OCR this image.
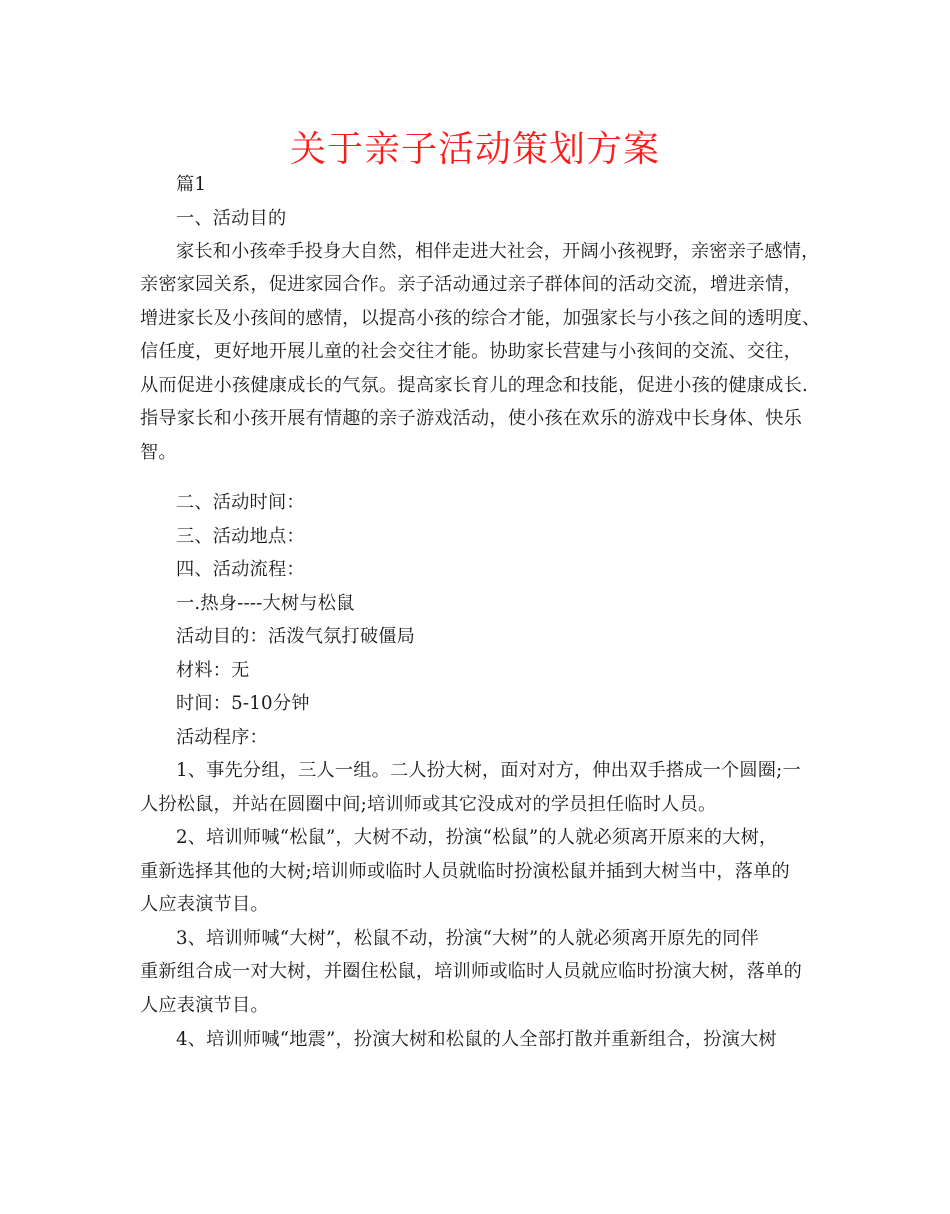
关于亲子活动策划方案
篇1
一、活动目的
家长和小孩牵手投身大自然，相伴走进大社会，开阔小孩视野，亲密亲子感情，
亲密家园关系，促进家园合作。亲子活动通过亲子群体间的活动交流，增进亲情，
增进家长及小孩间的感情，以提高小孩的综合才能，加强家长与小孩之间的透明度、
信任度，更好地开展儿童的社会交往才能。协助家长营建与小孩间的交流、交往，
从而促进小孩健康成长的气氛。提高家长育儿的理念和技能，促进小孩的健康成长.
指导家长和小孩开展有情趣的亲子游戏活动，使小孩在欢乐的游戏中长身体、快乐
智。
二、活动时间：
三、活动地点：
四、活动流程：
一.热身----大树与松鼠
活动目的：活泼气氛打破僵局
材料：无
时间：5-10分钟
活动程序：
1、事先分组，三人一组。二人扮大树，面对对方，伸出双手搭成一个圆圈;一
人扮松鼠，并站在圆圈中间;培训师或其它没成对的学员担任临时人员。
2、培训师喊“松鼠”，大树不动，扮演“松鼠”的人就必须离开原来的大树，
重新选择其他的大树;培训师或临时人员就临时扮演松鼠并插到大树当中，落单的
人应表演节目。
3、培训师喊“大树”，松鼠不动，扮演“大树”的人就必须离开原先的同伴
重新组合成一对大树，并圈住松鼠，培训师或临时人员就应临时扮演大树，落单的
人应表演节目。
4、培训师喊“地震”，扮演大树和松鼠的人全部打散并重新组合，扮演大树
